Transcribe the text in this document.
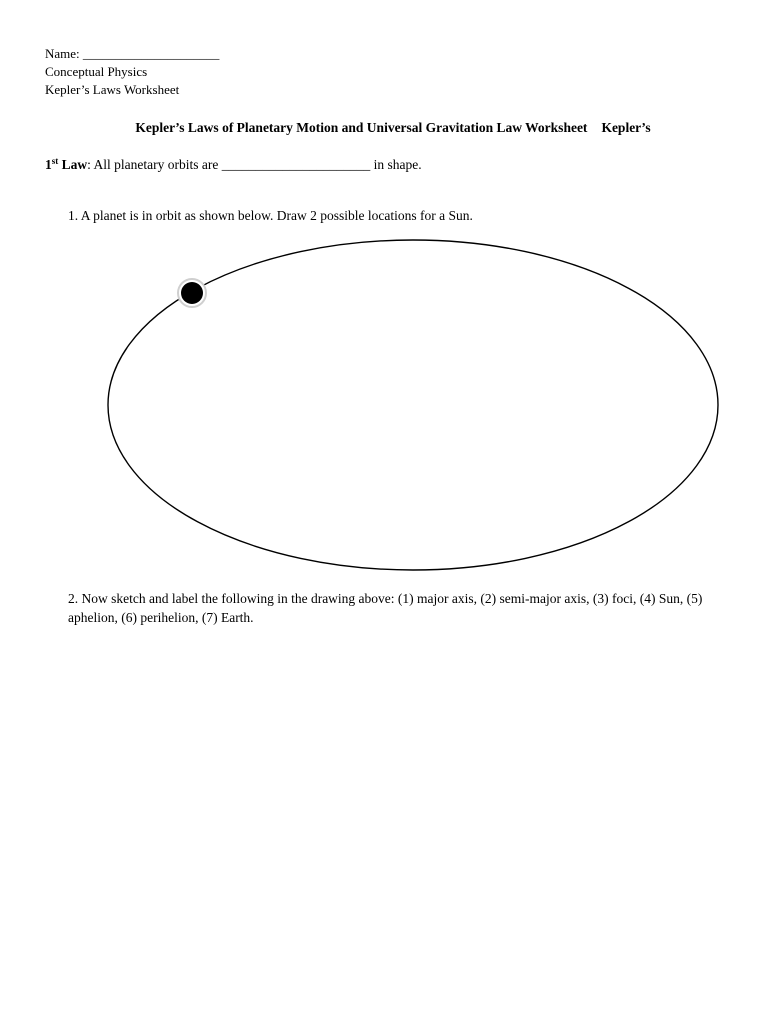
Name: _____________________
Conceptual Physics
Kepler’s Laws Worksheet
Kepler’s Laws of Planetary Motion and Universal Gravitation Law Worksheet Kepler’s
1st Law: All planetary orbits are ______________________ in shape.
1. A planet is in orbit as shown below. Draw 2 possible locations for a Sun.
2. Now sketch and label the following in the drawing above: (1) major axis, (2) semi-major axis, (3) foci, (4) Sun, (5) aphelion, (6) perihelion, (7) Earth.
